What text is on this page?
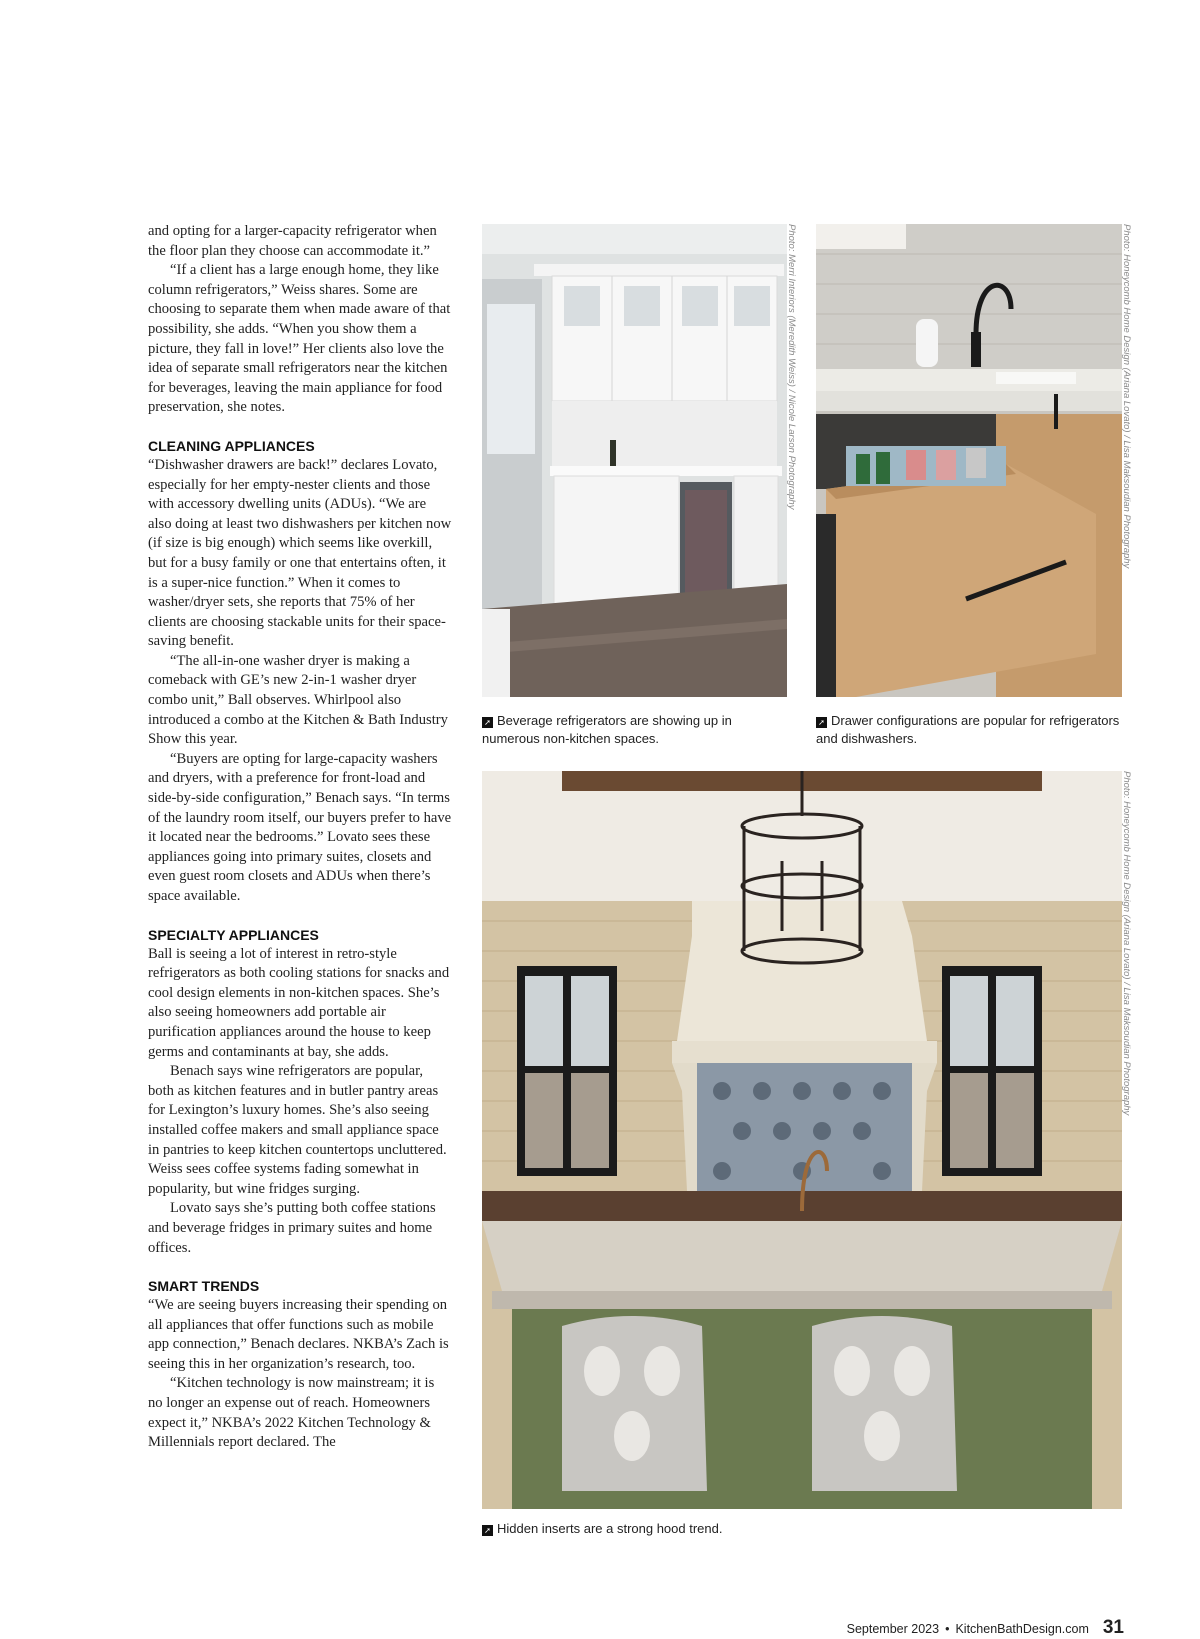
and opting for a larger-capacity refrigerator when the floor plan they choose can accommodate it.”

“If a client has a large enough home, they like column refrigerators,” Weiss shares. Some are choosing to separate them when made aware of that possibility, she adds. “When you show them a picture, they fall in love!” Her clients also love the idea of separate small refrigerators near the kitchen for beverages, leaving the main appliance for food preservation, she notes.

CLEANING APPLIANCES

“Dishwasher drawers are back!” declares Lovato, especially for her empty-nester clients and those with accessory dwelling units (ADUs). “We are also doing at least two dishwashers per kitchen now (if size is big enough) which seems like overkill, but for a busy family or one that entertains often, it is a super-nice function.” When it comes to washer/dryer sets, she reports that 75% of her clients are choosing stackable units for their space-saving benefit.

“The all-in-one washer dryer is making a comeback with GE’s new 2-in-1 washer dryer combo unit,” Ball observes. Whirlpool also introduced a combo at the Kitchen & Bath Industry Show this year.

“Buyers are opting for large-capacity washers and dryers, with a preference for front-load and side-by-side configuration,” Benach says. “In terms of the laundry room itself, our buyers prefer to have it located near the bedrooms.” Lovato sees these appliances going into primary suites, closets and even guest room closets and ADUs when there’s space available.

SPECIALTY APPLIANCES

Ball is seeing a lot of interest in retro-style refrigerators as both cooling stations for snacks and cool design elements in non-kitchen spaces. She’s also seeing homeowners add portable air purification appliances around the house to keep germs and contaminants at bay, she adds.

Benach says wine refrigerators are popular, both as kitchen features and in butler pantry areas for Lexington’s luxury homes. She’s also seeing installed coffee makers and small appliance space in pantries to keep kitchen countertops uncluttered. Weiss sees coffee systems fading somewhat in popularity, but wine fridges surging.

Lovato says she’s putting both coffee stations and beverage fridges in primary suites and home offices.

SMART TRENDS

“We are seeing buyers increasing their spending on all appliances that offer functions such as mobile app connection,” Benach declares. NKBA’s Zach is seeing this in her organization’s research, too.

“Kitchen technology is now mainstream; it is no longer an expense out of reach. Homeowners expect it,” NKBA’s 2022 Kitchen Technology & Millennials report declared. The

Photo: Merri Interiors (Meredith Weiss) / Nicole Larson Photography	Photo: Honeycomb Home Design (Ariana Lovato) / Lisa Maksoudian Photography
➚ Beverage refrigerators are showing up in numerous non-kitchen spaces.
➚ Drawer configurations are popular for refrigerators and dishwashers.
Photo: Honeycomb Home Design (Ariana Lovato) / Lisa Maksoudian Photography
➚ Hidden inserts are a strong hood trend.
September 2023 • KitchenBathDesign.com 31
